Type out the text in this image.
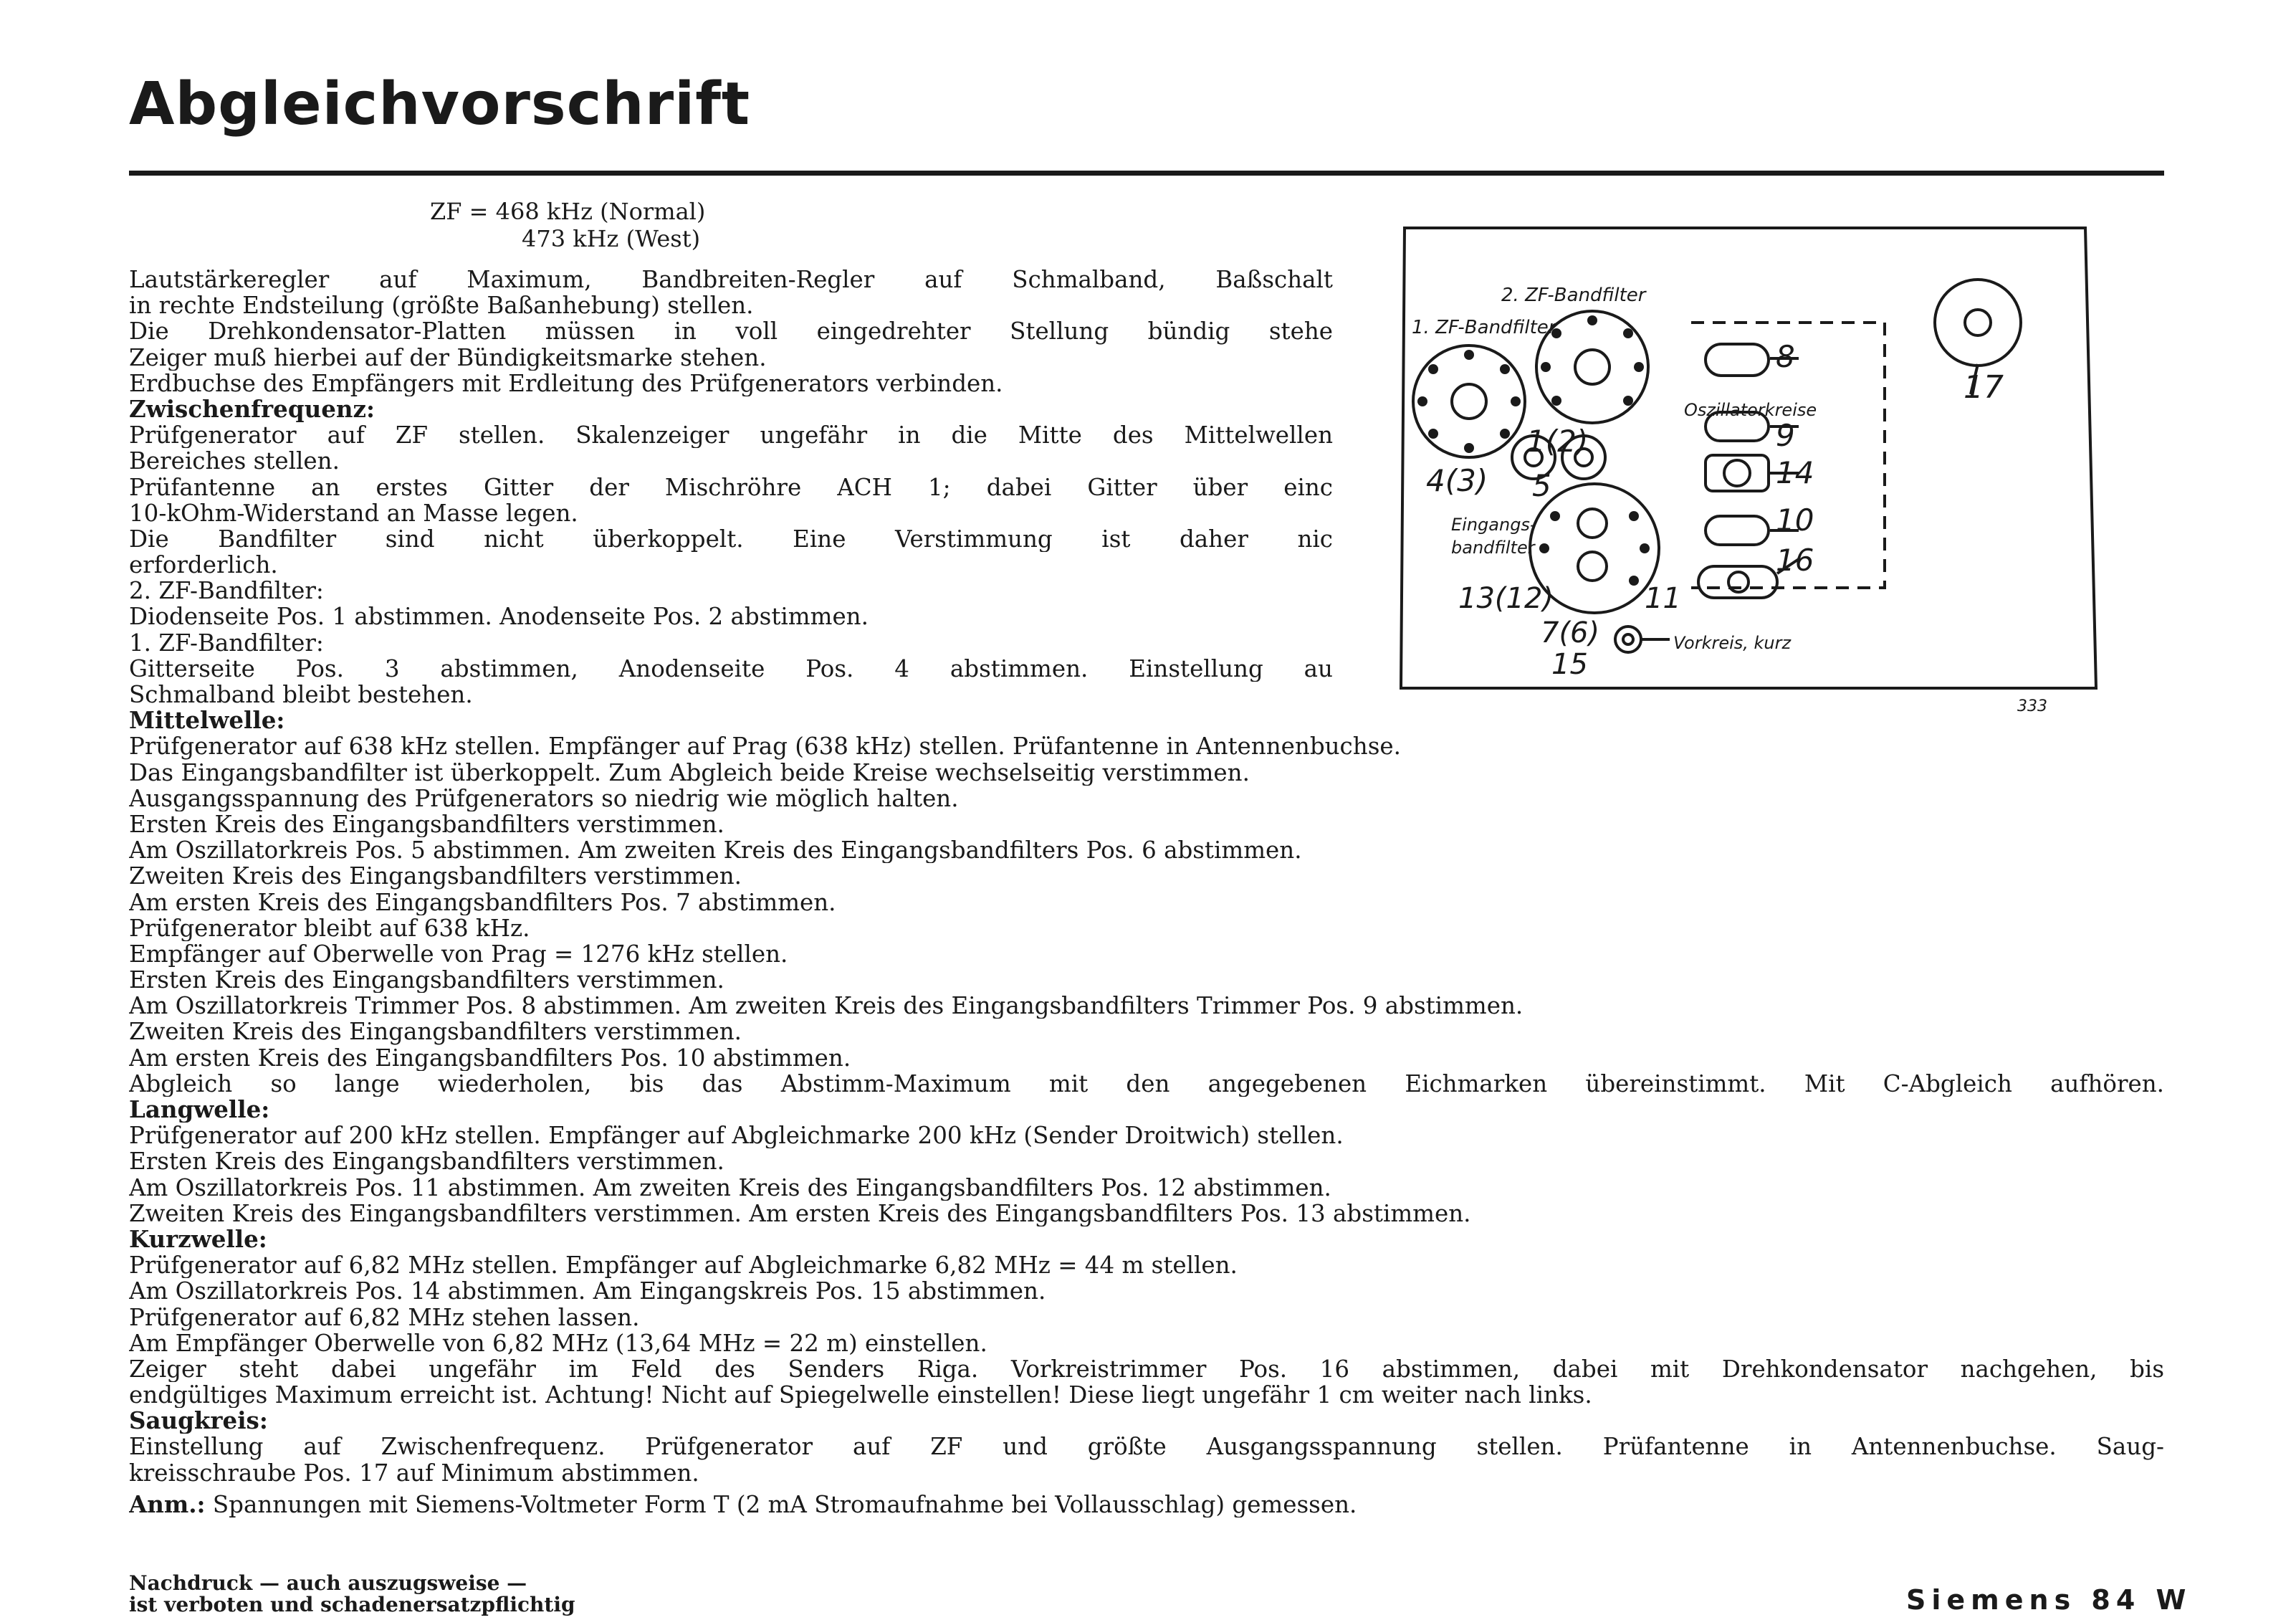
Abgleichvorschrift
ZF = 468 kHz (Normal)
473 kHz (West)
2. ZF-Bandfilter
1. ZF-Bandfilter
Oszillatorkreise
Eingangs-
bandfilter
Vorkreis, kurz
333
8
9
14
10
16
17
1(2)
4(3) 5
11
13(12)
7(6)
15
Lautstärkeregler auf Maximum, Bandbreiten-Regler auf Schmalband, Baßschalt
in rechte Endsteilung (größte Baßanhebung) stellen.
Die Drehkondensator-Platten müssen in voll eingedrehter Stellung bündig stehe
Zeiger muß hierbei auf der Bündigkeitsmarke stehen.
Erdbuchse des Empfängers mit Erdleitung des Prüfgenerators verbinden.
Zwischenfrequenz:
Prüfgenerator auf ZF stellen. Skalenzeiger ungefähr in die Mitte des Mittelwellen
Bereiches stellen.
Prüfantenne an erstes Gitter der Mischröhre ACH 1; dabei Gitter über einc
10-kOhm-Widerstand an Masse legen.
Die Bandfilter sind nicht überkoppelt. Eine Verstimmung ist daher nic
erforderlich.
2. ZF-Bandfilter:
Diodenseite Pos. 1 abstimmen. Anodenseite Pos. 2 abstimmen.
1. ZF-Bandfilter:
Gitterseite Pos. 3 abstimmen, Anodenseite Pos. 4 abstimmen. Einstellung au
Schmalband bleibt bestehen.
Mittelwelle:
Prüfgenerator auf 638 kHz stellen. Empfänger auf Prag (638 kHz) stellen. Prüfantenne in Antennenbuchse.
Das Eingangsbandfilter ist überkoppelt. Zum Abgleich beide Kreise wechselseitig verstimmen.
Ausgangsspannung des Prüfgenerators so niedrig wie möglich halten.
Ersten Kreis des Eingangsbandfilters verstimmen.
Am Oszillatorkreis Pos. 5 abstimmen. Am zweiten Kreis des Eingangsbandfilters Pos. 6 abstimmen.
Zweiten Kreis des Eingangsbandfilters verstimmen.
Am ersten Kreis des Eingangsbandfilters Pos. 7 abstimmen.
Prüfgenerator bleibt auf 638 kHz.
Empfänger auf Oberwelle von Prag = 1276 kHz stellen.
Ersten Kreis des Eingangsbandfilters verstimmen.
Am Oszillatorkreis Trimmer Pos. 8 abstimmen. Am zweiten Kreis des Eingangsbandfilters Trimmer Pos. 9 abstimmen.
Zweiten Kreis des Eingangsbandfilters verstimmen.
Am ersten Kreis des Eingangsbandfilters Pos. 10 abstimmen.
Abgleich so lange wiederholen, bis das Abstimm-Maximum mit den angegebenen Eichmarken übereinstimmt. Mit C-Abgleich aufhören.
Langwelle:
Prüfgenerator auf 200 kHz stellen. Empfänger auf Abgleichmarke 200 kHz (Sender Droitwich) stellen.
Ersten Kreis des Eingangsbandfilters verstimmen.
Am Oszillatorkreis Pos. 11 abstimmen. Am zweiten Kreis des Eingangsbandfilters Pos. 12 abstimmen.
Zweiten Kreis des Eingangsbandfilters verstimmen. Am ersten Kreis des Eingangsbandfilters Pos. 13 abstimmen.
Kurzwelle:
Prüfgenerator auf 6,82 MHz stellen. Empfänger auf Abgleichmarke 6,82 MHz = 44 m stellen.
Am Oszillatorkreis Pos. 14 abstimmen. Am Eingangskreis Pos. 15 abstimmen.
Prüfgenerator auf 6,82 MHz stehen lassen.
Am Empfänger Oberwelle von 6,82 MHz (13,64 MHz = 22 m) einstellen.
Zeiger steht dabei ungefähr im Feld des Senders Riga. Vorkreistrimmer Pos. 16 abstimmen, dabei mit Drehkondensator nachgehen, bis
endgültiges Maximum erreicht ist. Achtung! Nicht auf Spiegelwelle einstellen! Diese liegt ungefähr 1 cm weiter nach links.
Saugkreis:
Einstellung auf Zwischenfrequenz. Prüfgenerator auf ZF und größte Ausgangsspannung stellen. Prüfantenne in Antennenbuchse. Saug-
kreisschraube Pos. 17 auf Minimum abstimmen.
Anm.: Spannungen mit Siemens-Voltmeter Form T (2 mA Stromaufnahme bei Vollausschlag) gemessen.
Nachdruck — auch auszugsweise —
ist verboten und schadenersatzpflichtig	Siemens 84 W
